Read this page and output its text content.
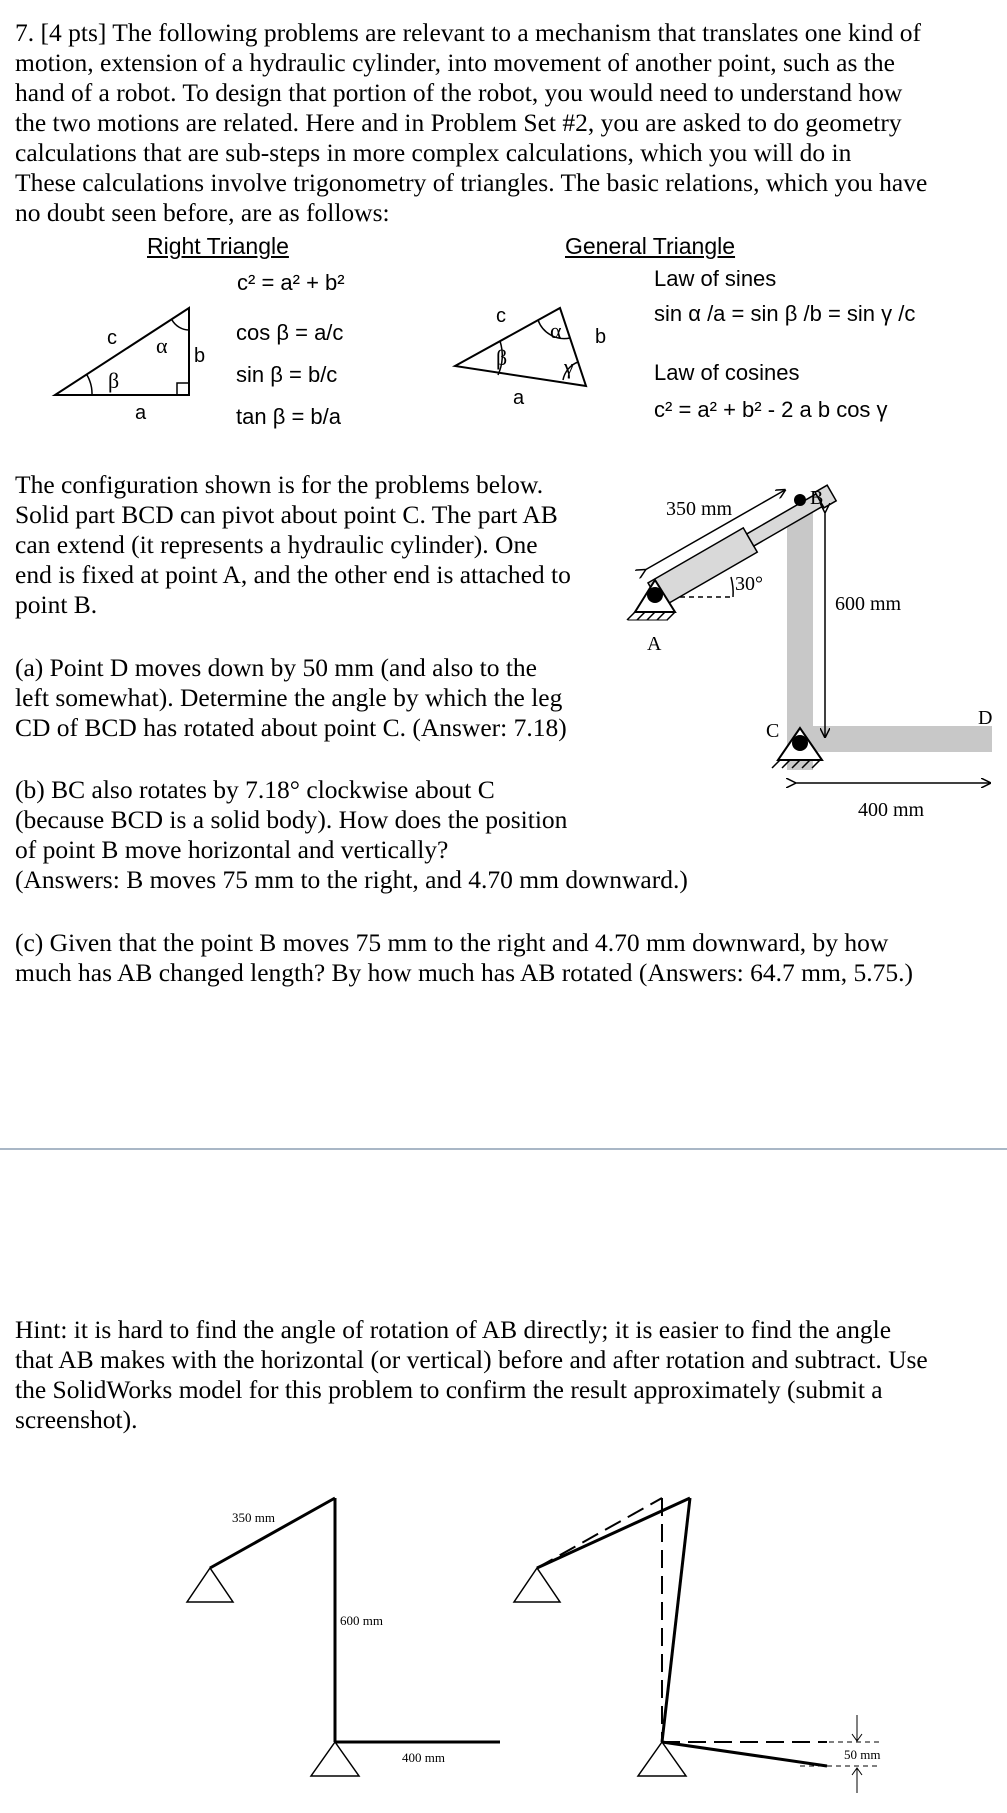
7. [4 pts] The following problems are relevant to a mechanism that translates one kind of
motion, extension of a hydraulic cylinder, into movement of another point, such as the
hand of a robot. To design that portion of the robot, you would need to understand how
the two motions are related. Here and in Problem Set #2, you are asked to do geometry
calculations that are sub-steps in more complex calculations, which you will do in
These calculations involve trigonometry of triangles. The basic relations, which you have
no doubt seen before, are as follows:
Right Triangle	General Triangle
c² = a² + b²
cos β = a/c
sin β = b/c
tan β = b/a
Law of sines
sin α /a = sin β /b = sin γ /c
Law of cosines
c² = a² + b² - 2 a b cos γ
c
a
b
α
β
c
a
b
α
β	γ
The configuration shown is for the problems below.
Solid part BCD can pivot about point C. The part AB
can extend (it represents a hydraulic cylinder). One
end is fixed at point A, and the other end is attached to
point B.
(a) Point D moves down by 50 mm (and also to the
left somewhat). Determine the angle by which the leg
CD of BCD has rotated about point C. (Answer: 7.18)
(b) BC also rotates by 7.18° clockwise about C
(because BCD is a solid body). How does the position
of point B move horizontal and vertically?
(Answers: B moves 75 mm to the right, and 4.70 mm downward.)
(c) Given that the point B moves 75 mm to the right and 4.70 mm downward, by how
much has AB changed length? By how much has AB rotated (Answers: 64.7 mm, 5.75.)
350 mm
30°
600 mm
400 mm
A
B
C
D
Hint: it is hard to find the angle of rotation of AB directly; it is easier to find the angle
that AB makes with the horizontal (or vertical) before and after rotation and subtract. Use
the SolidWorks model for this problem to confirm the result approximately (submit a
screenshot).
350 mm
600 mm
400 mm	50 mm
